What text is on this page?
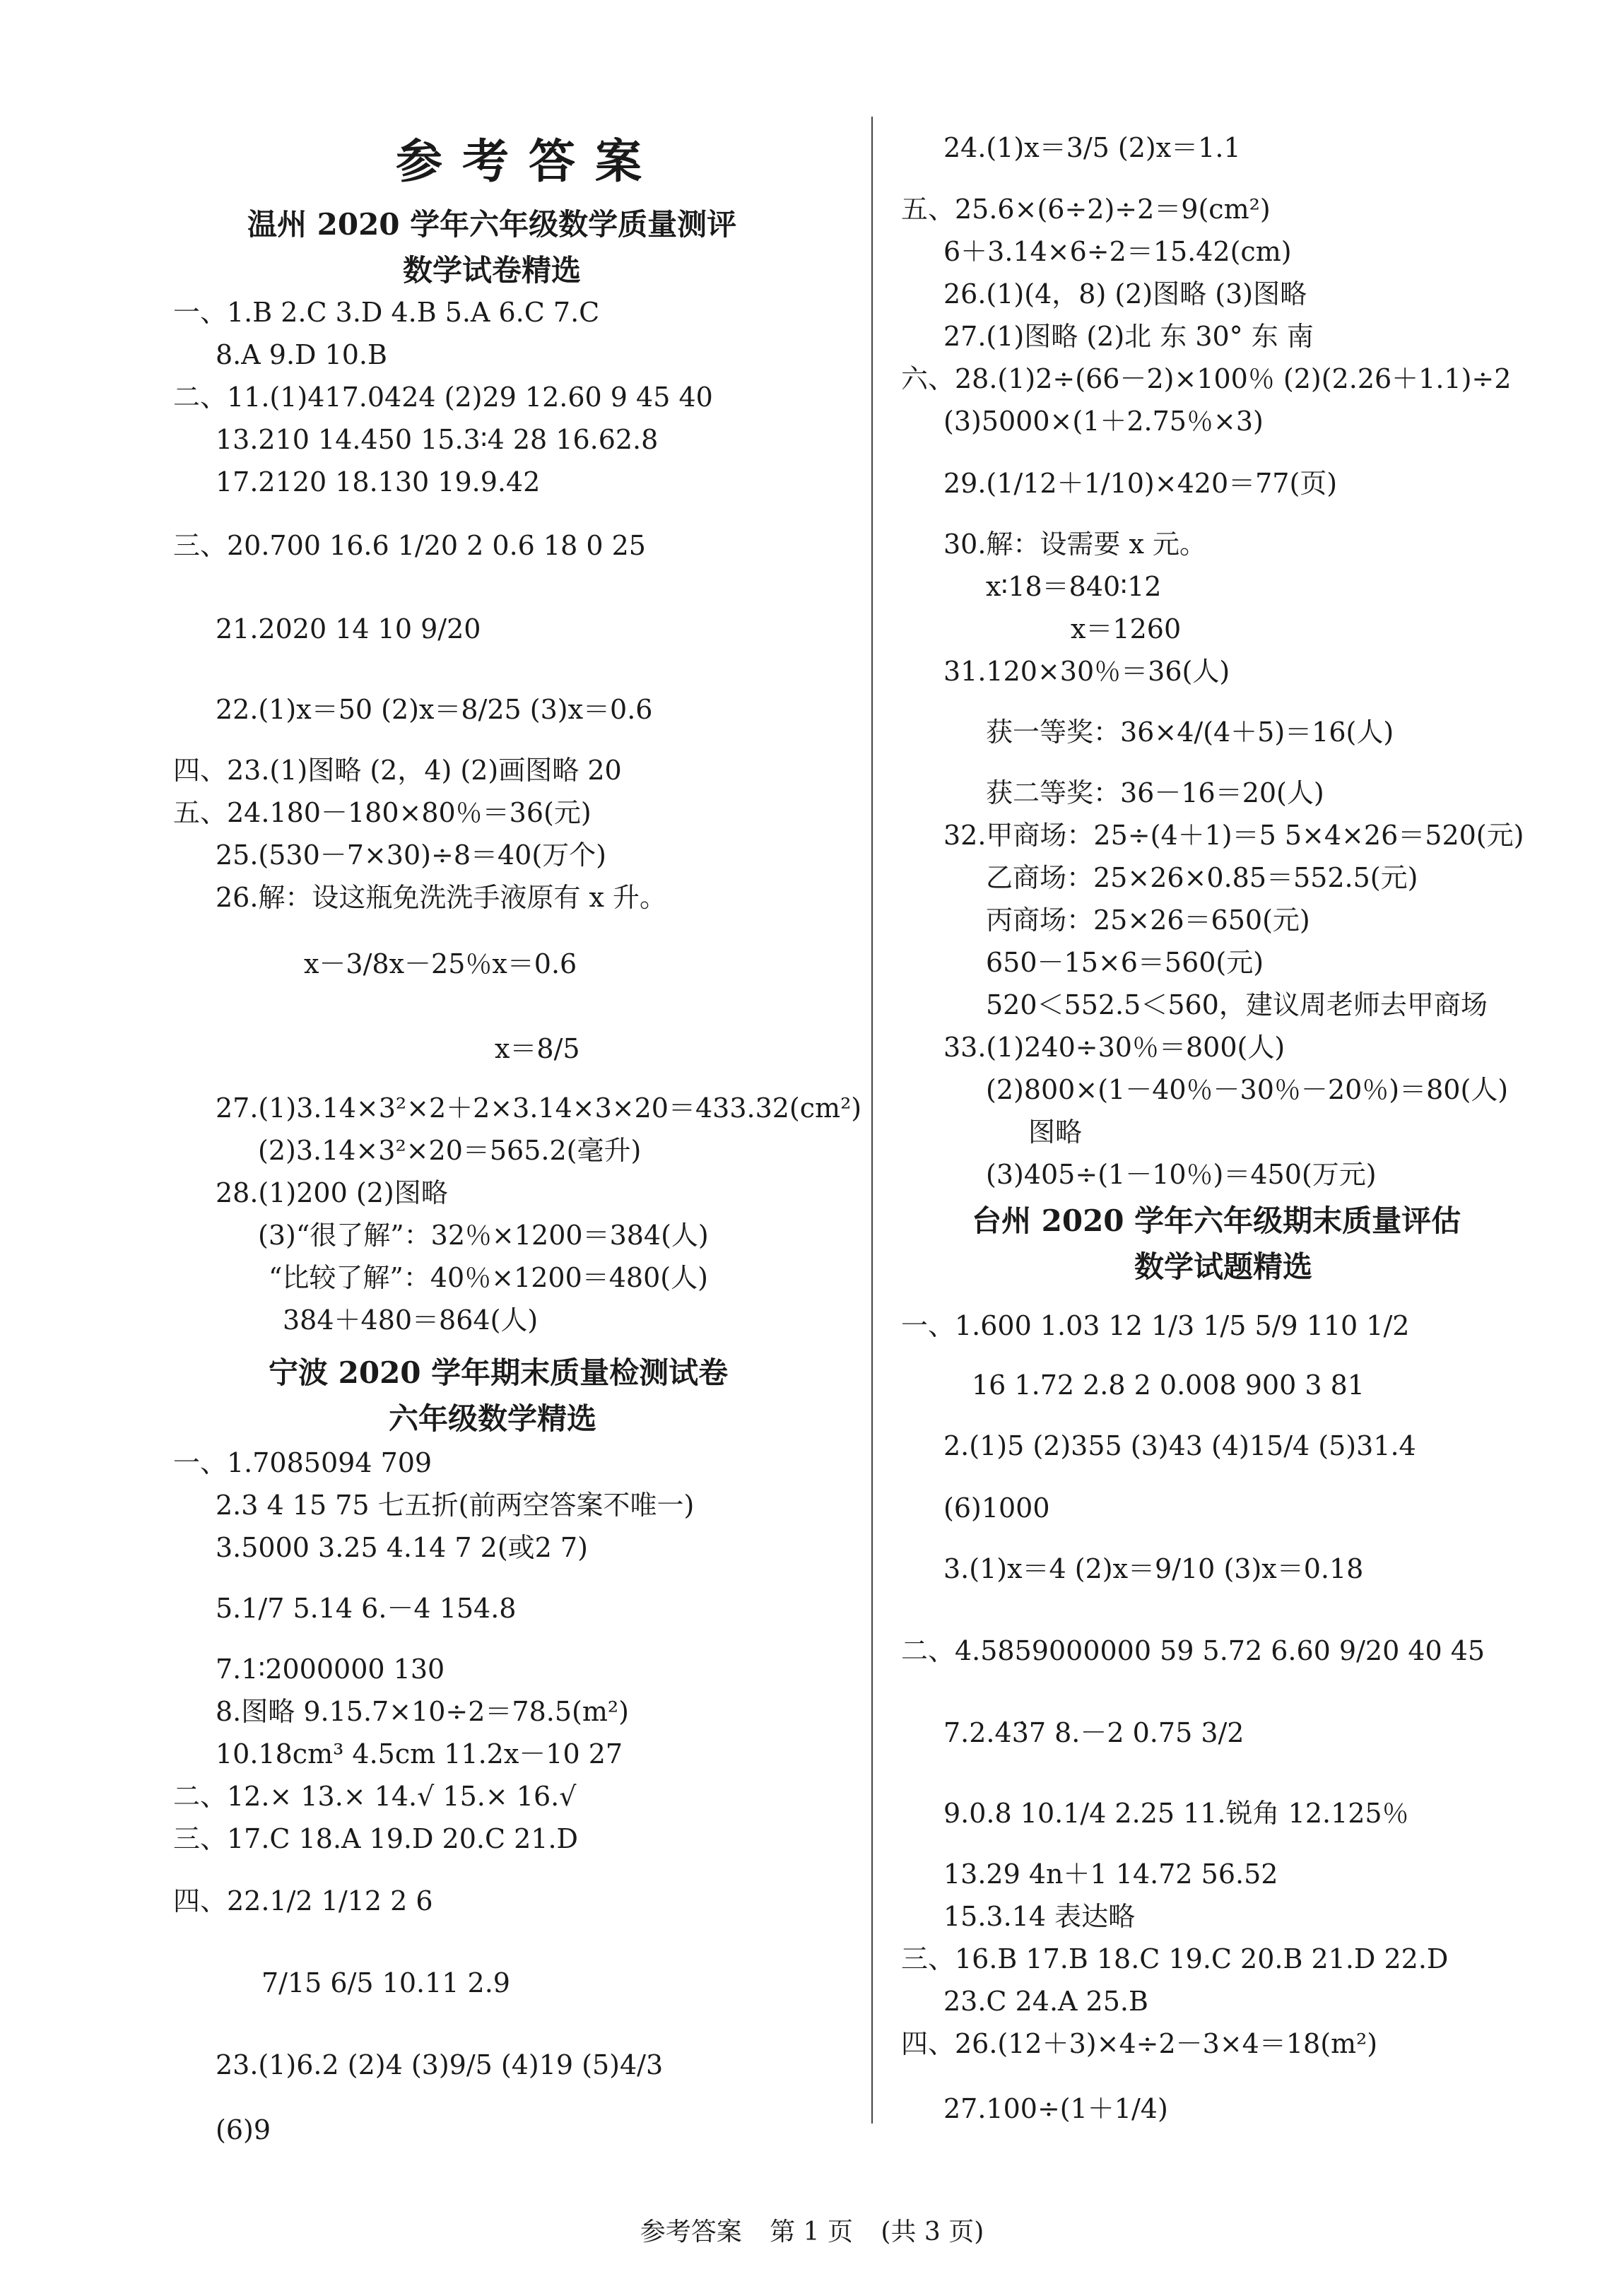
参考答案
温州 2020 学年六年级数学质量测评
数学试卷精选
一、1.B 2.C 3.D 4.B 5.A 6.C 7.C
8.A 9.D 10.B
二、11.(1)417.0424 (2)29 12.60 9 45 40
13.210 14.450 15.3∶4 28 16.62.8
17.2120 18.130 19.9.42
三、20.700 16.6 1/20 2 0.6 18 0 25
21.2020 14 10 9/20
22.(1)x＝50 (2)x＝8/25 (3)x＝0.6
四、23.(1)图略 (2，4) (2)画图略 20
五、24.180－180×80％＝36(元)
25.(530－7×30)÷8＝40(万个)
26.解：设这瓶免洗洗手液原有 x 升。
x－3/8x－25％x＝0.6
x＝8/5
27.(1)3.14×3²×2＋2×3.14×3×20＝433.32(cm²)
(2)3.14×3²×20＝565.2(毫升)
28.(1)200 (2)图略
(3)“很了解”：32％×1200＝384(人)
“比较了解”：40％×1200＝480(人)
384＋480＝864(人)
宁波 2020 学年期末质量检测试卷
六年级数学精选
一、1.7085094 709
2.3 4 15 75 七五折(前两空答案不唯一)
3.5000 3.25 4.14 7 2(或2 7)
5.1/7 5.14 6.－4 154.8
7.1∶2000000 130
8.图略 9.15.7×10÷2＝78.5(m²)
10.18cm³ 4.5cm 11.2x－10 27
二、12.× 13.× 14.√ 15.× 16.√
三、17.C 18.A 19.D 20.C 21.D
四、22.1/2 1/12 2 6
7/15 6/5 10.11 2.9
23.(1)6.2 (2)4 (3)9/5 (4)19 (5)4/3
(6)9
24.(1)x＝3/5 (2)x＝1.1
五、25.6×(6÷2)÷2＝9(cm²)
6＋3.14×6÷2＝15.42(cm)
26.(1)(4，8) (2)图略 (3)图略
27.(1)图略 (2)北 东 30° 东 南
六、28.(1)2÷(66－2)×100％ (2)(2.26＋1.1)÷2
(3)5000×(1＋2.75％×3)
29.(1/12＋1/10)×420＝77(页)
30.解：设需要 x 元。
x∶18＝840∶12
x＝1260
31.120×30％＝36(人)
获一等奖：36×4/(4＋5)＝16(人)
获二等奖：36－16＝20(人)
32.甲商场：25÷(4＋1)＝5 5×4×26＝520(元)
乙商场：25×26×0.85＝552.5(元)
丙商场：25×26＝650(元)
650－15×6＝560(元)
520＜552.5＜560，建议周老师去甲商场
33.(1)240÷30％＝800(人)
(2)800×(1－40％－30％－20％)＝80(人)
图略
(3)405÷(1－10％)＝450(万元)
台州 2020 学年六年级期末质量评估
数学试题精选
一、1.600 1.03 12 1/3 1/5 5/9 110 1/2
16 1.72 2.8 2 0.008 900 3 81
2.(1)5 (2)355 (3)43 (4)15/4 (5)31.4
(6)1000
3.(1)x＝4 (2)x＝9/10 (3)x＝0.18
二、4.5859000000 59 5.72 6.60 9/20 40 45
7.2.4̇3̇7 8.－2 0.75 3/2
9.0.8 10.1/4 2.25 11.锐角 12.125％
13.29 4n＋1 14.72 56.52
15.3.14 表达略
三、16.B 17.B 18.C 19.C 20.B 21.D 22.D
23.C 24.A 25.B
四、26.(12＋3)×4÷2－3×4＝18(m²)
27.100÷(1＋1/4)
参考答案 第 1 页 (共 3 页)
